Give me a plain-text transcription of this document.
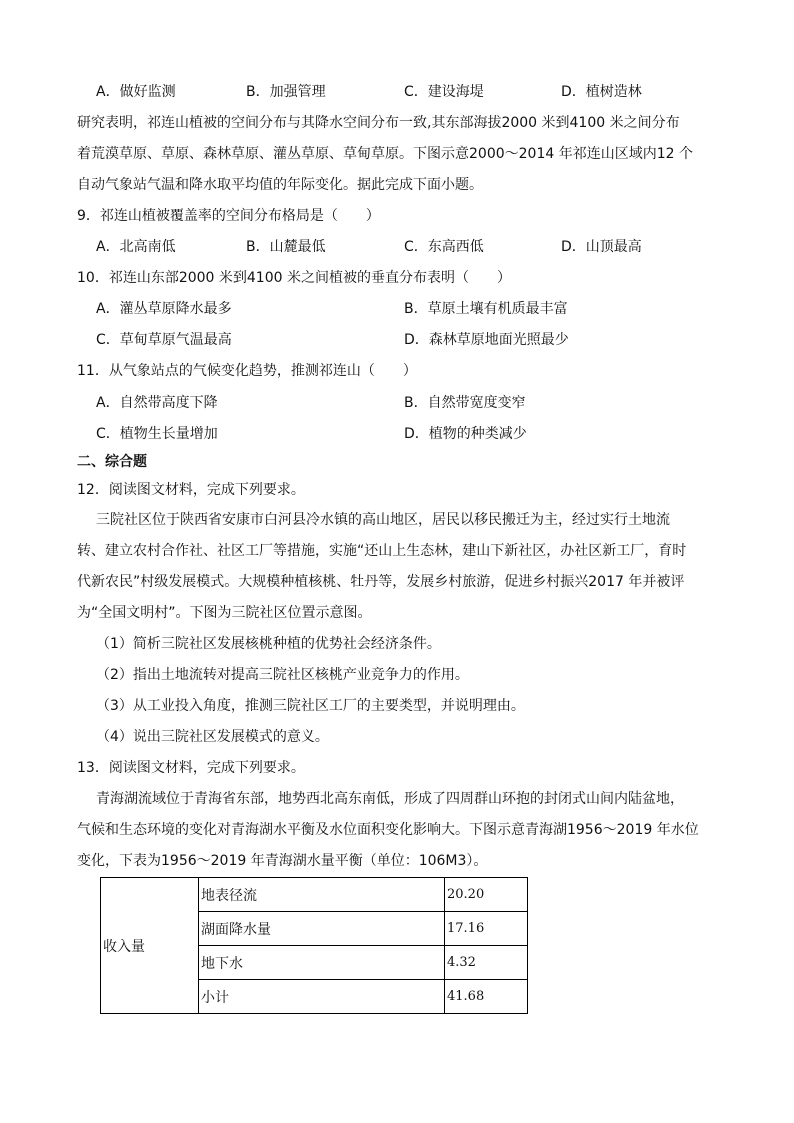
A．做好监测	B．加强管理	C．建设海堤	D．植树造林
研究表明，祁连山植被的空间分布与其降水空间分布一致,其东部海拔2000 米到4100 米之间分布
着荒漠草原、草原、森林草原、灌丛草原、草甸草原。下图示意2000～2014 年祁连山区域内12 个
自动气象站气温和降水取平均值的年际变化。据此完成下面小题。
9．祁连山植被覆盖率的空间分布格局是（　　）
A．北高南低	B．山麓最低	C．东高西低	D．山顶最高
10．祁连山东部2000 米到4100 米之间植被的垂直分布表明（　　）
A．灌丛草原降水最多	B．草原土壤有机质最丰富
C．草甸草原气温最高	D．森林草原地面光照最少
11．从气象站点的气候变化趋势，推测祁连山（　　）
A．自然带高度下降	B．自然带宽度变窄
C．植物生长量增加	D．植物的种类减少
二、综合题
12．阅读图文材料，完成下列要求。
三院社区位于陕西省安康市白河县冷水镇的高山地区，居民以移民搬迁为主，经过实行土地流
转、建立农村合作社、社区工厂等措施，实施“还山上生态林，建山下新社区，办社区新工厂，育时
代新农民”村级发展模式。大规模种植核桃、牡丹等，发展乡村旅游，促进乡村振兴2017 年并被评
为“全国文明村”。下图为三院社区位置示意图。
（1）简析三院社区发展核桃种植的优势社会经济条件。
（2）指出土地流转对提高三院社区核桃产业竞争力的作用。
（3）从工业投入角度，推测三院社区工厂的主要类型，并说明理由。
（4）说出三院社区发展模式的意义。
13．阅读图文材料，完成下列要求。
青海湖流域位于青海省东部，地势西北高东南低，形成了四周群山环抱的封闭式山间内陆盆地，
气候和生态环境的变化对青海湖水平衡及水位面积变化影响大。下图示意青海湖1956～2019 年水位
变化，下表为1956～2019 年青海湖水量平衡（单位：106M3）。
收入量	地表径流	20.20
	湖面降水量	17.16
	地下水	4.32
	小计	41.68
